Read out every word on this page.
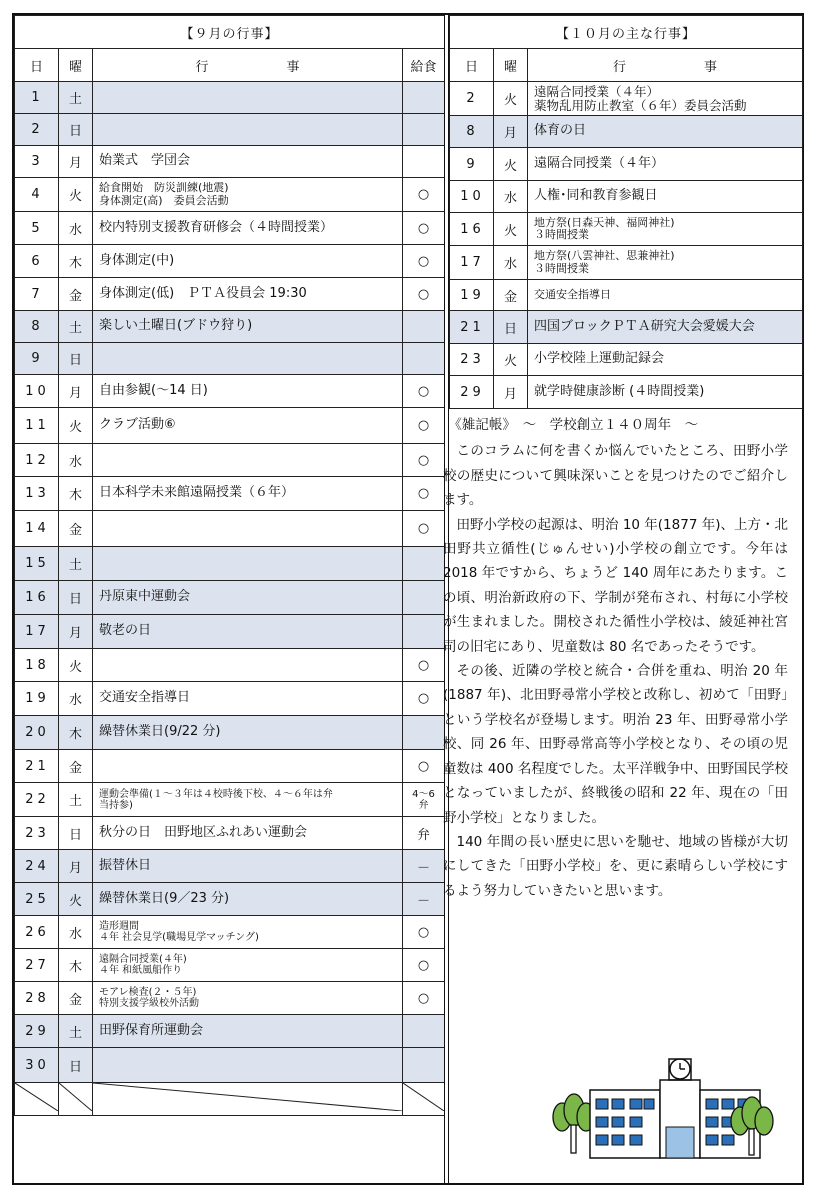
【９月の行事】			
日	曜	行　　　　　　事	給食
1	土		
2	日		
3	月	始業式　学団会	
4	火	給食開始　防災訓練(地震)
身体測定(高)　委員会活動	○
5	水	校内特別支援教育研修会（４時間授業）	○
6	木	身体測定(中)	○
7	金	身体測定(低)　ＰＴＡ役員会 19:30	○
8	土	楽しい土曜日(ブドウ狩り)	
9	日		
10	月	自由参観(～14 日)	○
11	火	クラブ活動⑥	○
12	水		○
13	木	日本科学未来館遠隔授業（６年）	○
14	金		○
15	土		
16	日	丹原東中運動会	
17	月	敬老の日	
18	火		○
19	水	交通安全指導日	○
20	木	繰替休業日(9/22 分)	
21	金		○
22	土	運動会準備(１～３年は４校時後下校、４～６年は弁
当持参)	4～6
弁
23	日	秋分の日　田野地区ふれあい運動会	弁
24	月	振替休日	－
25	火	繰替休業日(9／23 分)	－
26	水	造形週間
４年 社会見学(職場見学マッチング)	○
27	木	遠隔合同授業(４年)
４年 和紙風船作り	○
28	金	モアレ検査(２・５年)
特別支援学級校外活動	○
29	土	田野保育所運動会	
30	日		

【１０月の主な行事】		
日	曜	行　　　　　　事
2	火	遠隔合同授業（４年）
薬物乱用防止教室（６年）委員会活動
8	月	体育の日
9	火	遠隔合同授業（４年）
10	水	人権･同和教育参観日
16	火	地方祭(日森天神、福岡神社)
３時間授業
17	水	地方祭(八雲神社、思兼神社)
３時間授業
19	金	交通安全指導日
21	日	四国ブロックＰＴＡ研究大会愛媛大会
23	火	小学校陸上運動記録会
29	月	就学時健康診断 (４時間授業)
《雑記帳》　～　学校創立１４０周年　～

このコラムに何を書くか悩んでいたところ、田野小学校の歴史について興味深いことを見つけたのでご紹介します。

田野小学校の起源は、明治 10 年(1877 年)、上方・北田野共立循性(じゅんせい)小学校の創立です。今年は 2018 年ですから、ちょうど 140 周年にあたります。この頃、明治新政府の下、学制が発布され、村毎に小学校が生まれました。開校された循性小学校は、綾延神社宮司の旧宅にあり、児童数は 80 名であったそうです。

その後、近隣の学校と統合・合併を重ね、明治 20 年(1887 年)、北田野尋常小学校と改称し、初めて「田野」という学校名が登場します。明治 23 年、田野尋常小学校、同 26 年、田野尋常高等小学校となり、その頃の児童数は 400 名程度でした。太平洋戦争中、田野国民学校となっていましたが、終戦後の昭和 22 年、現在の「田野小学校」となりました。

140 年間の長い歴史に思いを馳せ、地域の皆様が大切にしてきた「田野小学校」を、更に素晴らしい学校にするよう努力していきたいと思います。
